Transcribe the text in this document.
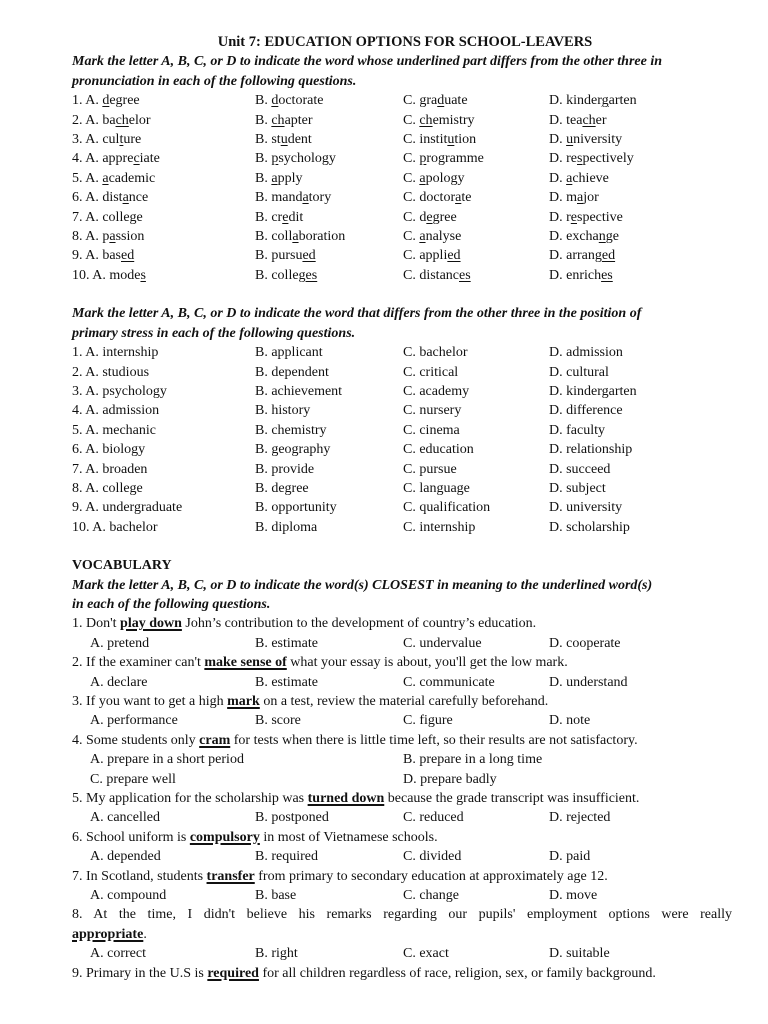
Unit 7: EDUCATION OPTIONS FOR SCHOOL-LEAVERS
Mark the letter A, B, C, or D to indicate the word whose underlined part differs from the other three in
pronunciation in each of the following questions.
1. A. degree	B. doctorate	C. graduate	D. kindergarten
2. A. bachelor	B. chapter	C. chemistry	D. teacher
3. A. culture	B. student	C. institution	D. university
4. A. appreciate	B. psychology	C. programme	D. respectively
5. A. academic	B. apply	C. apology	D. achieve
6. A. distance	B. mandatory	C. doctorate	D. major
7. A. college	B. credit	C. degree	D. respective
8. A. passion	B. collaboration	C. analyse	D. exchange
9. A. based	B. pursued	C. applied	D. arranged
10. A. modes	B. colleges	C. distances	D. enriches
Mark the letter A, B, C, or D to indicate the word that differs from the other three in the position of
primary stress in each of the following questions.
1. A. internship	B. applicant	C. bachelor	D. admission
2. A. studious	B. dependent	C. critical	D. cultural
3. A. psychology	B. achievement	C. academy	D. kindergarten
4. A. admission	B. history	C. nursery	D. difference
5. A. mechanic	B. chemistry	C. cinema	D. faculty
6. A. biology	B. geography	C. education	D. relationship
7. A. broaden	B. provide	C. pursue	D. succeed
8. A. college	B. degree	C. language	D. subject
9. A. undergraduate	B. opportunity	C. qualification	D. university
10. A. bachelor	B. diploma	C. internship	D. scholarship
VOCABULARY
Mark the letter A, B, C, or D to indicate the word(s) CLOSEST in meaning to the underlined word(s)
in each of the following questions.
1. Don't play down John’s contribution to the development of country’s education.
A. pretend	B. estimate	C. undervalue	D. cooperate
2. If the examiner can't make sense of what your essay is about, you'll get the low mark.
A. declare	B. estimate	C. communicate	D. understand
3. If you want to get a high mark on a test, review the material carefully beforehand.
A. performance	B. score	C. figure	D. note
4. Some students only cram for tests when there is little time left, so their results are not satisfactory.
A. prepare in a short period	B. prepare in a long time
C. prepare well	D. prepare badly
5. My application for the scholarship was turned down because the grade transcript was insufficient.
A. cancelled	B. postponed	C. reduced	D. rejected
6. School uniform is compulsory in most of Vietnamese schools.
A. depended	B. required	C. divided	D. paid
7. In Scotland, students transfer from primary to secondary education at approximately age 12.
A. compound	B. base	C. change	D. move
8. At the time, I didn't believe his remarks regarding our pupils' employment options were really
appropriate.
A. correct	B. right	C. exact	D. suitable
9. Primary in the U.S is required for all children regardless of race, religion, sex, or family background.
